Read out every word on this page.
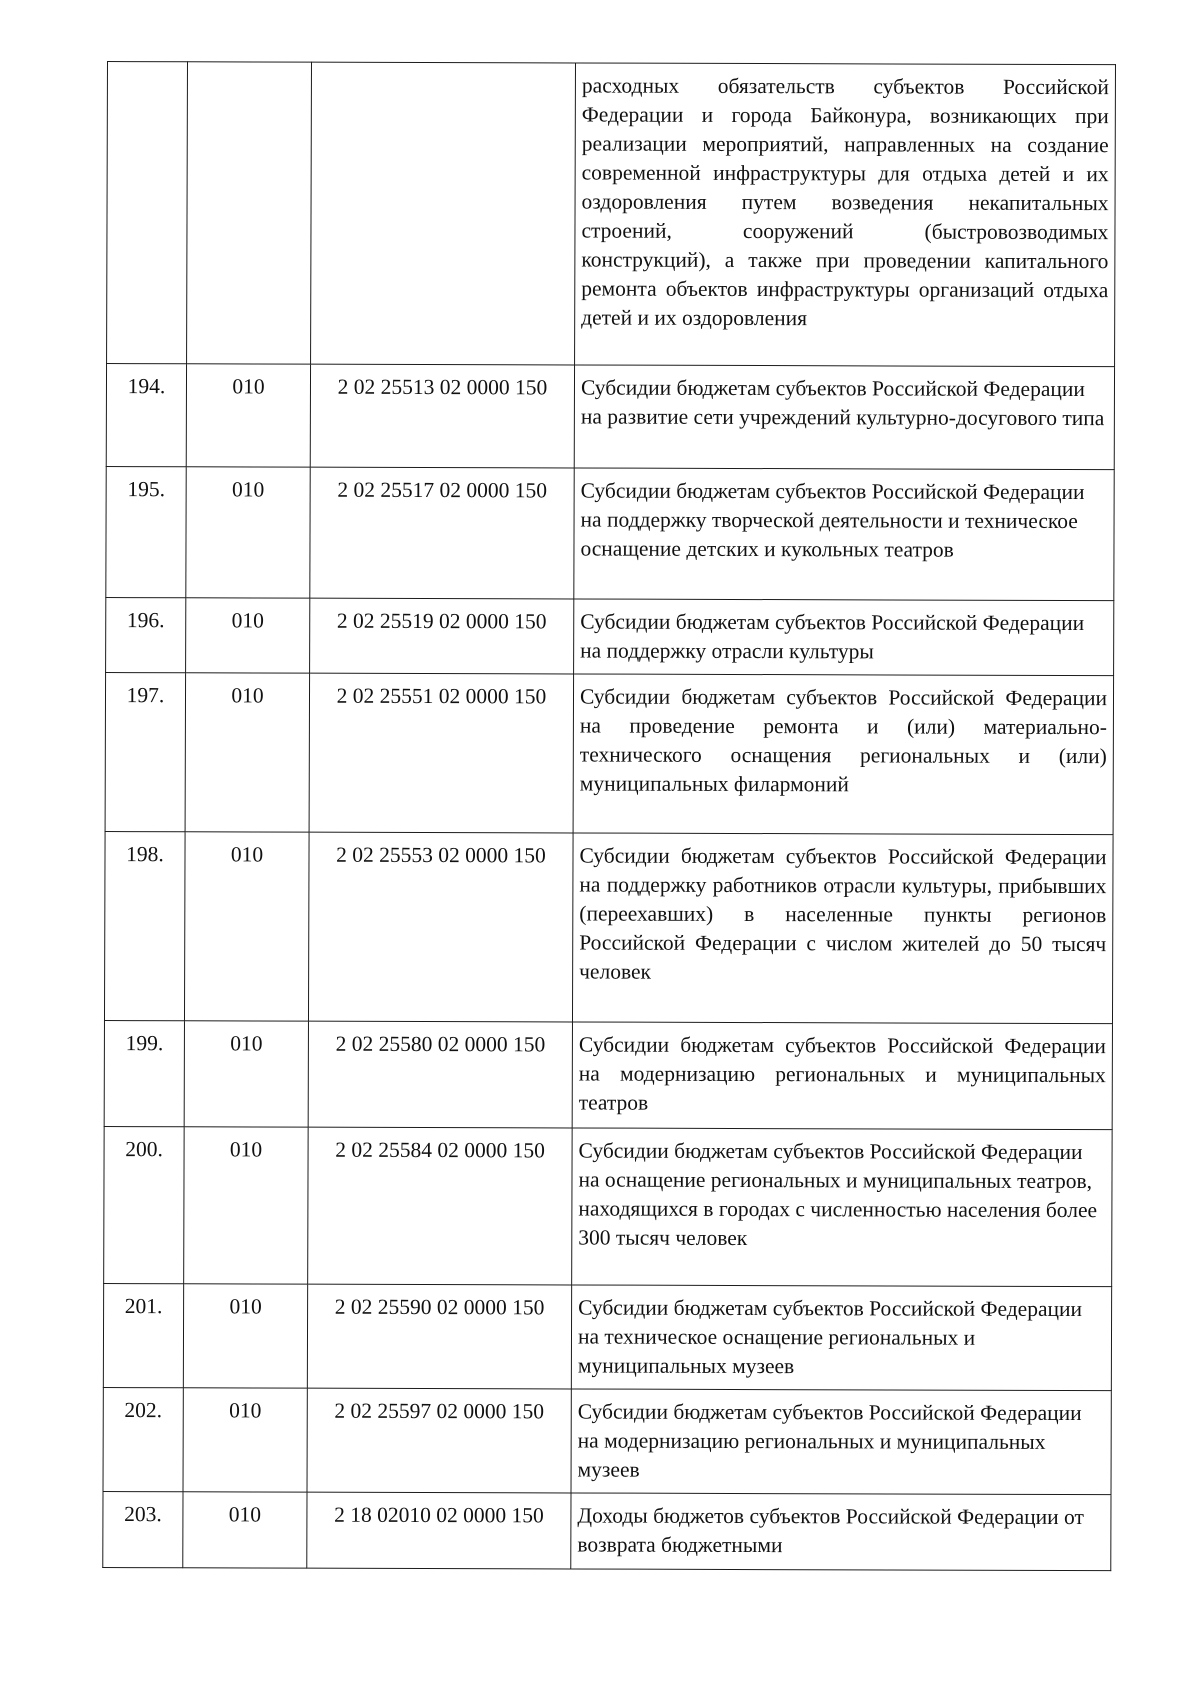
			расходных обязательств субъектов Российской Федерации и города Байконура, возникающих при реализации мероприятий, направленных на создание современной инфраструктуры для отдыха детей и их оздоровления путем возведения некапитальных строений, сооружений (быстровозводимых конструкций), а также при проведении капитального ремонта объектов инфраструктуры организаций отдыха детей и их оздоровления
194.	010	2 02 25513 02 0000 150	Субсидии бюджетам субъектов Российской Федерации на развитие сети учреждений культурно-досугового типа
195.	010	2 02 25517 02 0000 150	Субсидии бюджетам субъектов Российской Федерации на поддержку творческой деятельности и техническое оснащение детских и кукольных театров
196.	010	2 02 25519 02 0000 150	Субсидии бюджетам субъектов Российской Федерации на поддержку отрасли культуры
197.	010	2 02 25551 02 0000 150	Субсидии бюджетам субъектов Российской Федерации на проведение ремонта и (или) материально-технического оснащения региональных и (или) муниципальных филармоний
198.	010	2 02 25553 02 0000 150	Субсидии бюджетам субъектов Российской Федерации на поддержку работников отрасли культуры, прибывших (переехавших) в населенные пункты регионов Российской Федерации с числом жителей до 50 тысяч человек
199.	010	2 02 25580 02 0000 150	Субсидии бюджетам субъектов Российской Федерации на модернизацию региональных и муниципальных театров
200.	010	2 02 25584 02 0000 150	Субсидии бюджетам субъектов Российской Федерации на оснащение региональных и муниципальных театров, находящихся в городах с численностью населения более 300 тысяч человек
201.	010	2 02 25590 02 0000 150	Субсидии бюджетам субъектов Российской Федерации на техническое оснащение региональных и муниципальных музеев
202.	010	2 02 25597 02 0000 150	Субсидии бюджетам субъектов Российской Федерации на модернизацию региональных и муниципальных музеев
203.	010	2 18 02010 02 0000 150	Доходы бюджетов субъектов Российской Федерации от возврата бюджетными
